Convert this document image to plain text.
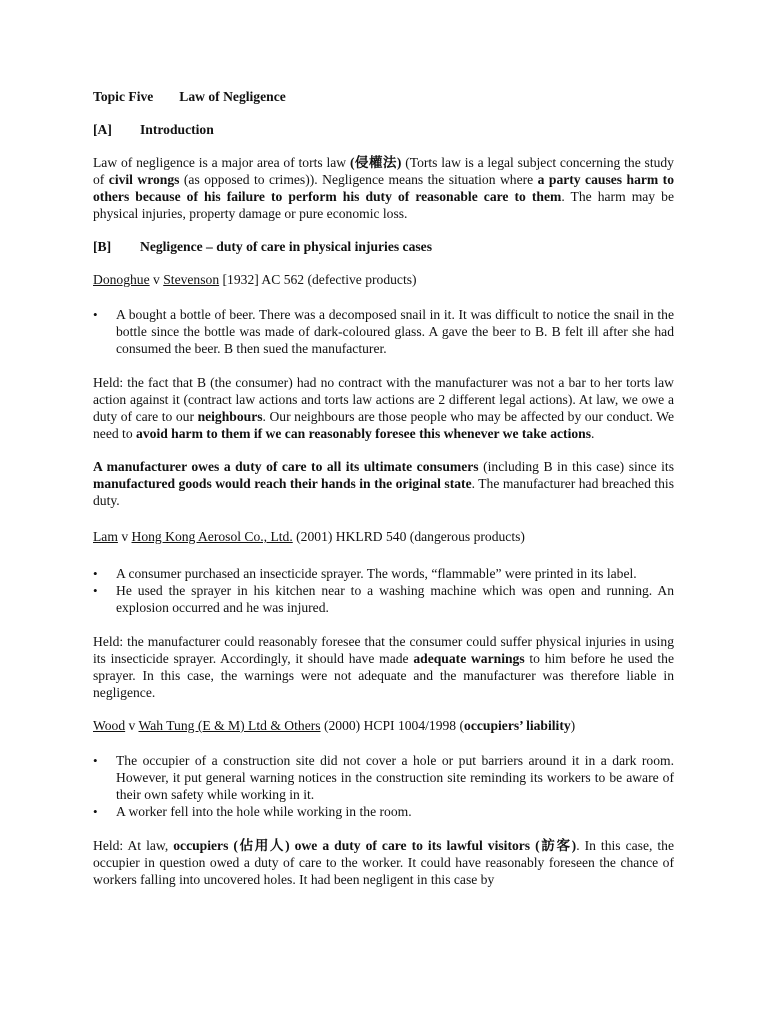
Topic Five Law of Negligence
[A] Introduction

Law of negligence is a major area of torts law (侵權法) (Torts law is a legal subject concerning the study of civil wrongs (as opposed to crimes)). Negligence means the situation where a party causes harm to others because of his failure to perform his duty of reasonable care to them. The harm may be physical injuries, property damage or pure economic loss.

[B] Negligence – duty of care in physical injuries cases
Donoghue v Stevenson [1932] AC 562 (defective products)
• A bought a bottle of beer. There was a decomposed snail in it. It was difficult to notice the snail in the bottle since the bottle was made of dark-coloured glass. A gave the beer to B. B felt ill after she had consumed the beer. B then sued the manufacturer.

Held: the fact that B (the consumer) had no contract with the manufacturer was not a bar to her torts law action against it (contract law actions and torts law actions are 2 different legal actions). At law, we owe a duty of care to our neighbours. Our neighbours are those people who may be affected by our conduct. We need to avoid harm to them if we can reasonably foresee this whenever we take actions.

A manufacturer owes a duty of care to all its ultimate consumers (including B in this case) since its manufactured goods would reach their hands in the original state. The manufacturer had breached this duty.

Lam v Hong Kong Aerosol Co., Ltd. (2001) HKLRD 540 (dangerous products)
• A consumer purchased an insecticide sprayer. The words, “flammable” were printed in its label.
• He used the sprayer in his kitchen near to a washing machine which was open and running. An explosion occurred and he was injured.

Held: the manufacturer could reasonably foresee that the consumer could suffer physical injuries in using its insecticide sprayer. Accordingly, it should have made adequate warnings to him before he used the sprayer. In this case, the warnings were not adequate and the manufacturer was therefore liable in negligence.

Wood v Wah Tung (E & M) Ltd & Others (2000) HCPI 1004/1998 (occupiers’ liability)
• The occupier of a construction site did not cover a hole or put barriers around it in a dark room. However, it put general warning notices in the construction site reminding its workers to be aware of their own safety while working in it.
• A worker fell into the hole while working in the room.

Held: At law, occupiers (佔用人) owe a duty of care to its lawful visitors (訪客). In this case, the occupier in question owed a duty of care to the worker. It could have reasonably foreseen the chance of workers falling into uncovered holes. It had been negligent in this case by
